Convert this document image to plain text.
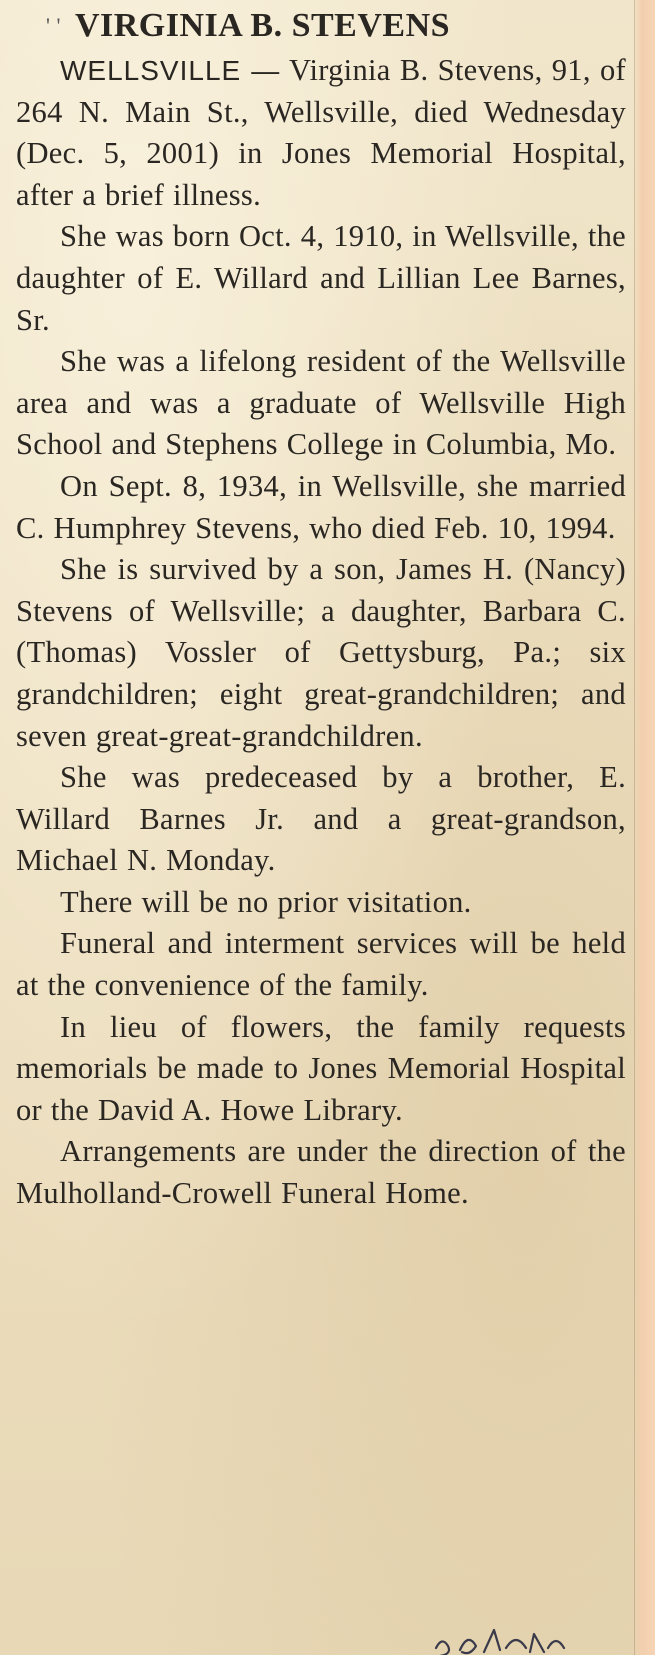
' ' VIRGINIA B. STEVENS

WELLSVILLE — Virginia B. Stevens, 91, of 264 N. Main St., Wellsville, died Wednesday (Dec. 5, 2001) in Jones Memorial Hospital, after a brief illness.

She was born Oct. 4, 1910, in Wellsville, the daughter of E. Willard and Lillian Lee Barnes, Sr.

She was a lifelong resident of the Wellsville area and was a graduate of Wellsville High School and Stephens College in Columbia, Mo.

On Sept. 8, 1934, in Wellsville, she married C. Humphrey Stevens, who died Feb. 10, 1994.

She is survived by a son, James H. (Nancy) Stevens of Wellsville; a daughter, Barbara C. (Thomas) Vossler of Gettysburg, Pa.; six grandchildren; eight great-grandchildren; and seven great-great-grandchildren.

She was predeceased by a brother, E. Willard Barnes Jr. and a great-grandson, Michael N. Monday.

There will be no prior visitation.

Funeral and interment services will be held at the convenience of the family.

In lieu of flowers, the family requests memorials be made to Jones Memorial Hospital or the David A. Howe Library.

Arrangements are under the direction of the Mulholland-Crowell Funeral Home.
